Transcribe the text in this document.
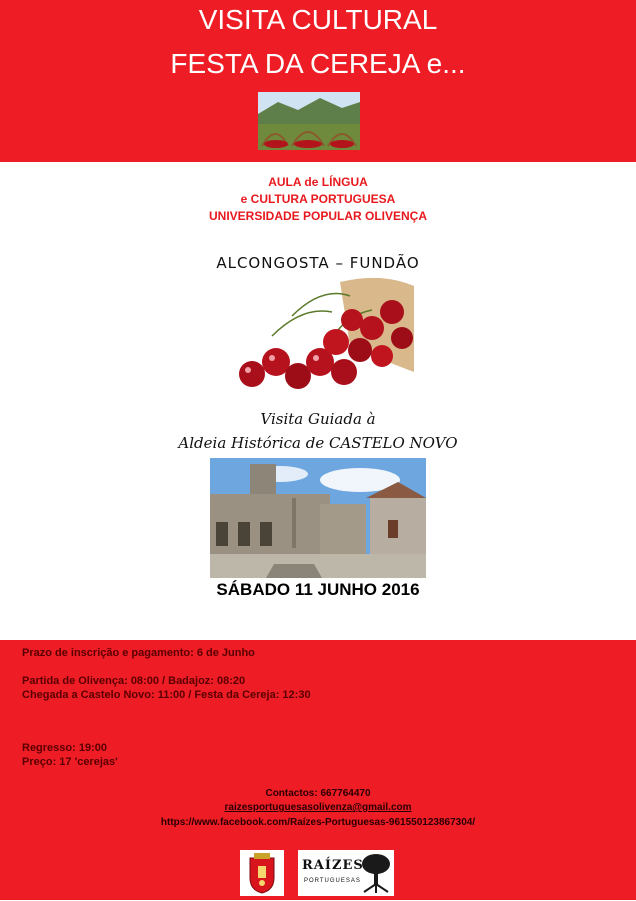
VISITA CULTURAL
FESTA DA CEREJA e...
AULA de LÍNGUA
e CULTURA PORTUGUESA
UNIVERSIDADE POPULAR OLIVENÇA
ALCONGOSTA – FUNDÃO
Visita Guiada à
Aldeia Histórica de CASTELO NOVO
SÁBADO 11 JUNHO 2016
Prazo de inscrição e pagamento: 6 de Junho
Partida de Olivença: 08:00 / Badajoz: 08:20
Chegada a Castelo Novo: 11:00 / Festa da Cereja: 12:30
Regresso: 19:00
Preço: 17 'cerejas'
Contactos: 667764470
raizesportuguesasolivenza@gmail.com
https://www.facebook.com/Raízes-Portuguesas-961550123867304/
RAÍZES
PORTUGUESAS
